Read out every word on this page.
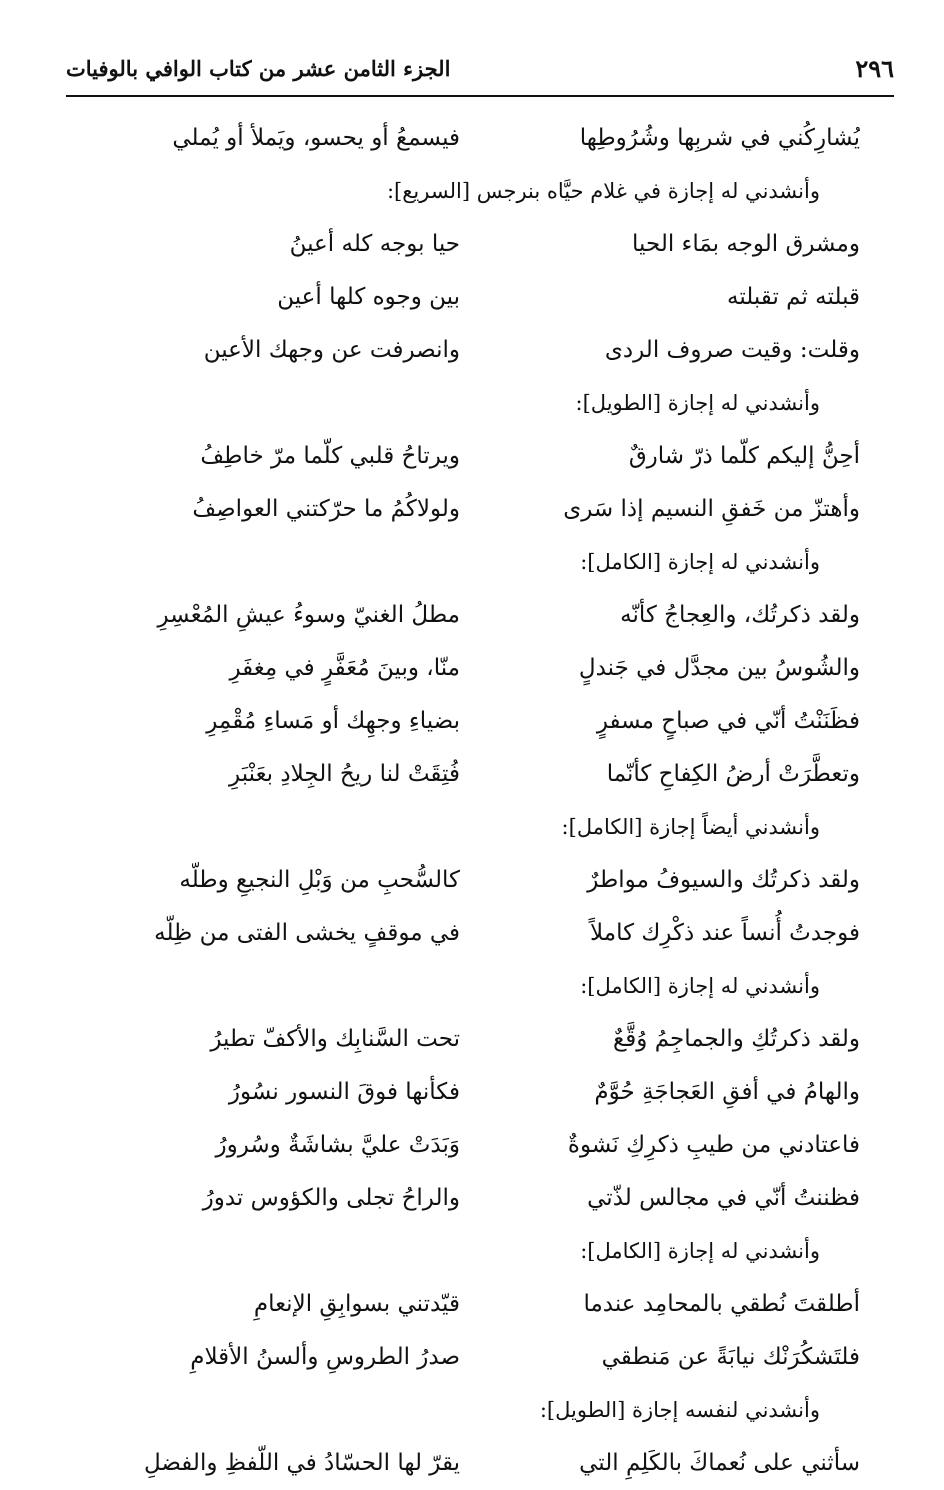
٢٩٦
الجزء الثامن عشر من كتاب الوافي بالوفيات
يُشارِكُني في شربِها وشُرُوطِها
فيسمعُ أو يحسو، ويَملأ أو يُملي
وأنشدني له إجازة في غلام حيَّاه بنرجس [السريع]:
ومشرق الوجه بمَاء الحيا
حيا بوجه كله أعينُ
قبلته ثم تقبلته
بين وجوه كلها أعين
وقلت: وقيت صروف الردى
وانصرفت عن وجهك الأعين
وأنشدني له إجازة [الطويل]:
أحِنُّ إليكم كلّما ذرّ شارقٌ
ويرتاحُ قلبي كلّما مرّ خاطِفُ
وأهتزّ من خَفقِ النسيم إذا سَرى
ولولاكُمُ ما حرّكتني العواصِفُ
وأنشدني له إجازة [الكامل]:
ولقد ذكرتُك، والعِجاجُ كأنّه
مطلُ الغنيّ وسوءُ عيشِ المُعْسِرِ
والشُوسُ بين مجدَّل في جَندلٍ
منّا، وبينَ مُعَفَّرٍ في مِغفَرِ
فظَنَنْتُ أنّي في صباحٍ مسفرٍ
بضياءِ وجهِك أو مَساءِ مُقْمِرِ
وتعطَّرَتْ أرضُ الكِفاحِ كأنّما
فُتِقَتْ لنا ريحُ الجِلادِ بعَنْبَرِ
وأنشدني أيضاً إجازة [الكامل]:
ولقد ذكرتُك والسيوفُ مواطرٌ
كالسُّحبِ من وَبْلِ النجيعِ وطلّه
فوجدتُ أُنساً عند ذكْرِك كاملاً
في موقفٍ يخشى الفتى من ظِلّه
وأنشدني له إجازة [الكامل]:
ولقد ذكرتُكِ والجماجِمُ وُقَّعٌ
تحت السَّنابِك والأكفّ تطيرُ
والهامُ في أفقِ العَجاجَةِ حُوَّمٌ
فكأنها فوقَ النسور نسُورُ
فاعتادني من طيبِ ذكرِكِ نَشوةٌ
وَبَدَتْ عليَّ بشاشَةٌ وسُرورُ
فظننتُ أنّي في مجالس لذّتي
والراحُ تجلى والكؤوس تدورُ
وأنشدني له إجازة [الكامل]:
أطلقتَ نُطقي بالمحامِد عندما
قيّدتني بسوابِقِ الإنعامِ
فلتَشكُرَنْك نيابَةً عن مَنطقي
صدرُ الطروسِ وألسنُ الأقلامِ
وأنشدني لنفسه إجازة [الطويل]:
سأثني على نُعماكَ بالكَلِمِ التي
يقرّ لها الحسّادُ في اللّفظِ والفضلِ
